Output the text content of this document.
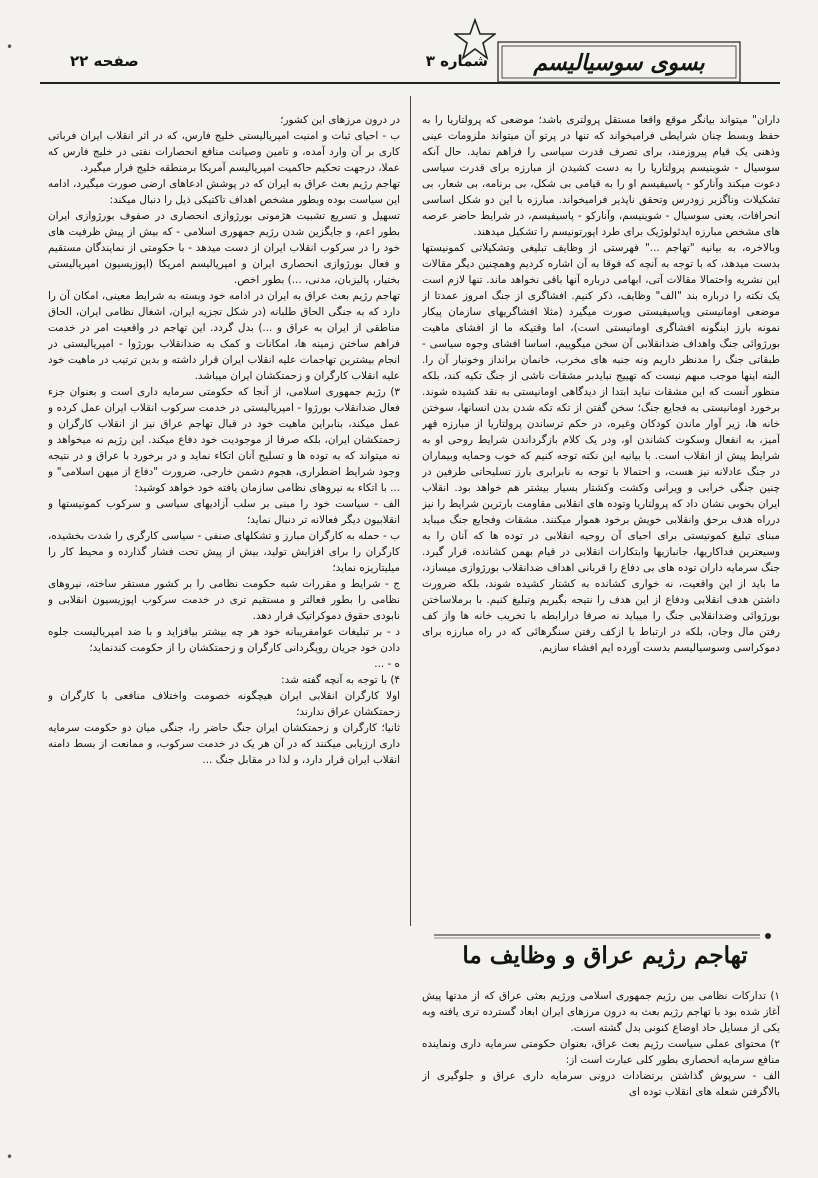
بسوی سوسیالیسم
شماره ۳
صفحه ۲۲
داران" میتواند بیانگر موقع واقعا مستقل پرولتری باشد؛ موضعی که پرولتاریا را به حفظ وبسط چنان شرایطی فرامیخواند که تنها در پرتو آن میتواند ملزومات عینی وذهنی یک قیام پیروزمند، برای تصرف قدرت سیاسی را فراهم نماید. حال آنکه سوسیال - شوینیسم پرولتاریا را به دست کشیدن از مبارزه برای قدرت سیاسی دعوت میکند وآنارکو - پاسیفیسم او را به قیامی بی شکل، بی برنامه، بی شعار، بی تشکیلات وناگزیر زودرس وتحقق ناپذیر فرامیخواند. مبارزه با این دو شکل اساسی انحرافات، یعنی سوسیال - شوینیسم، وآنارکو - پاسیفیسم، در شرایط حاضر عرصه های مشخص مبارزه ایدئولوژیک برای طرد اپورتونیسم را تشکیل میدهند.
وبالاخره، به بیانیه "تهاجم ..." فهرستی از وظایف تبلیغی وتشکیلاتی کمونیستها بدست میدهد، که با توجه به آنچه که فوقا به آن اشاره کردیم وهمچنین دیگر مقالات این نشریه واحتمالا مقالات آتی، ابهامی درباره آنها باقی نخواهد ماند. تنها لازم است یک نکته را درباره بند "الف" وظایف، ذکر کنیم. افشاگری از جنگ امروز عمدتا از موضعی اومانیستی وپاسیفیستی صورت میگیرد (مثلا افشاگریهای سازمان پیکار نمونه بارز اینگونه افشاگری اومانیستی است)، اما وقتیکه ما از افشای ماهیت بورژوائی جنگ واهداف ضدانقلابی آن سخن میگوییم، اساسا افشای وجوه سیاسی - طبقاتی جنگ را مدنظر داریم ونه جنبه های مخرب، خانمان برانداز وخونبار آن را. البته اینها موجب مبهم نیست که تهییج نبایدبر مشقات ناشی از جنگ تکیه کند، بلکه منظور آنست که این مشقات نباید ابتدا از دیدگاهی اومانیستی به نقد کشیده شوند. برخورد اومانیستی به فجایع جنگ؛ سخن گفتن از تکه تکه شدن بدن انسانها، سوختن خانه ها، زیر آوار ماندن کودکان وغیره، در حکم ترساندن پرولتاریا از مبارزه قهر آمیز، به انفعال وسکوت کشاندن او، ودر یک کلام بازگرداندن شرایط روحی او به شرایط پیش از انقلاب است. با بیانیه این نکته توجه کنیم که خوب وحمایه وبیماران در جنگ عادلانه نیز هست، و احتمالا با توجه به نابرابری بارز تسلیحاتی طرفین در چنین جنگی خرابی و ویرانی وکشت وکشتار بسیار بیشتر هم خواهد بود. انقلاب ایران بخوبی نشان داد که پرولتاریا وتوده های انقلابی مقاومت بارترین شرایط را نیز درراه هدف برحق وانقلابی خویش برخود هموار میکنند. مشقات وفجایع جنگ میباید مبنای تبلیغ کمونیستی برای احیای آن روحیه انقلابی در توده ها که آنان را به وسیعترین فداکاریها، جانبازیها وابتکارات انقلابی در قیام بهمن کشانده، قرار گیرد. جنگ سرمایه داران توده های بی دفاع را قربانی اهداف ضدانقلاب بورژوازی میسازد، ما باید از این واقعیت، نه خواری کشانده به کشتار کشیده شوند، بلکه ضرورت داشتن هدف انقلابی ودفاع از این هدف را نتیجه بگیریم وتبلیغ کنیم. با برملاساختن بورژوائی وضدانقلابی جنگ را میباید نه صرفا درارابطه با تخریب خانه ها واز کف رفتن مال وجان، بلکه در ارتباط با ازکف رفتن سنگرهائی که در راه مبارزه برای دموکراسی وسوسیالیسم بدست آورده ایم افشاء سازیم.
در درون مرزهای این کشور؛
ب - احیای ثبات و امنیت امپریالیستی خلیج فارس، که در اثر انقلاب ایران فرباتی کاری بر آن وارد آمده، و تامین وصیانت منافع انحصارات نفتی در خلیج فارس که عملا، درجهت تحکیم حاکمیت امپریالیسم آمریکا برمنطقه خلیج فرار میگیرد.
تهاجم رژیم بعث عراق به ایران که در پوشش ادعاهای ارضی صورت میگیرد، ادامه این سیاست بوده وبطور مشخص اهداف تاکتیکی ذیل را دنبال میکند:
تسهیل و تسریع تشبیت هژمونی بورژوازی انحصاری در صفوف بورژوازی ایران بطور اعم، و جایگزین شدن رژیم جمهوری اسلامی - که بیش از پیش ظرفیت های خود را در سرکوب انقلاب ایران از دست میدهد - با حکومتی از نمایندگان مستقیم و فعال بورژوازی انحصاری ایران و امپریالیسم امریکا (اپوزیسیون امپریالیستی بختیار، پالیزبان، مدنی، ...) بطور اخص.
تهاجم رژیم بعث عراق به ایران در ادامه خود وبسته به شرایط معینی، امکان آن را دارد که به جنگی الحاق طلبانه (در شکل تجزیه ایران، اشغال نظامی ایران، الحاق مناطقی از ایران به عراق و ...) بدل گردد. این تهاجم در واقعیت امر در خدمت فراهم ساختن زمینه ها، امکانات و کمک به ضدانقلاب بورژوا - امپریالیستی در انجام بیشترین تهاجمات علیه انقلاب ایران قرار داشته و بدین ترتیب در ماهیت خود علیه انقلاب کارگران و زحمتکشان ایران میباشد.
۳) رژیم جمهوری اسلامی، از آنجا که حکومتی سرمایه داری است و بعنوان جزء فعال ضدانقلاب بورژوا - امپریالیستی در خدمت سرکوب انقلاب ایران عمل کرده و عمل میکند، بنابراین ماهیت خود در قبال تهاجم عراق نیز از انقلاب کارگران و زحمتکشان ایران، بلکه صرفا از موجودیت خود دفاع میکند. این رژیم نه میخواهد و نه میتواند که به توده ها و تسلیح آنان اتکاء نماید و در برخورد با عراق و در نتیجه وجود شرایط اضطراری، هجوم دشمن خارجی، ضرورت "دفاع از میهن اسلامی" و ... با اتکاء به نیروهای نظامی سازمان یافته خود خواهد کوشید:
الف - سیاست خود را مبنی بر سلب آزادیهای سیاسی و سرکوب کمونیستها و انقلابیون دیگر فعالانه تر دنبال نماید؛
ب - حمله به کارگران مبارز و تشکلهای صنفی - سیاسی کارگری را شدت بخشیده، کارگران را برای افزایش تولید، بیش از پیش تحت فشار گذارده و محیط کار را میلیتاریزه نماید؛
ج - شرایط و مقررات شبه حکومت نظامی را بر کشور مستقر ساخته، نیروهای نظامی را بطور فعالتر و مستقیم تری در خدمت سرکوب اپوزیسیون انقلابی و نابودی حقوق دموکراتیک قرار دهد.
د - بر تبلیغات عوامفریبانه خود هر چه بیشتر بیافزاید و با ضد امپریالیست جلوه دادن خود جریان رویگردانی کارگران و زحمتکشان را از حکومت کندنماید؛
ه - ...
۴) با توجه به آنچه گفته شد:
اولا کارگران انقلابی ایران هیچگونه خصومت واختلاف منافعی با کارگران و زحمتکشان عراق ندارند؛
ثانیا؛ کارگران و زحمتکشان ایران جنگ حاضر را، جنگی میان دو حکومت سرمایه داری ارزیابی میکنند که در آن هر یک در خدمت سرکوب، و ممانعت از بسط دامنه انقلاب ایران قرار دارد، و لذا در مقابل جنگ ...
تهاجم رژیم عراق و وظایف ما
۱) تدارکات نظامی بین رژیم جمهوری اسلامی ورژیم بعثی عراق که از مدتها پیش آغاز شده بود با تهاجم رژیم بعث به درون مرزهای ایران ابعاد گسترده تری یافته وبه یکی از مسایل حاد اوضاع کنونی بدل گشته است.
۲) محتوای عملی سیاست رژیم بعث عراق، بعنوان حکومتی سرمایه داری ونماینده منافع سرمایه انحصاری بطور کلی عبارت است از:
الف - سرپوش گذاشتن برتضادات درونی سرمایه داری عراق و جلوگیری از بالاگرفتن شعله های انقلاب توده ای
•
•
